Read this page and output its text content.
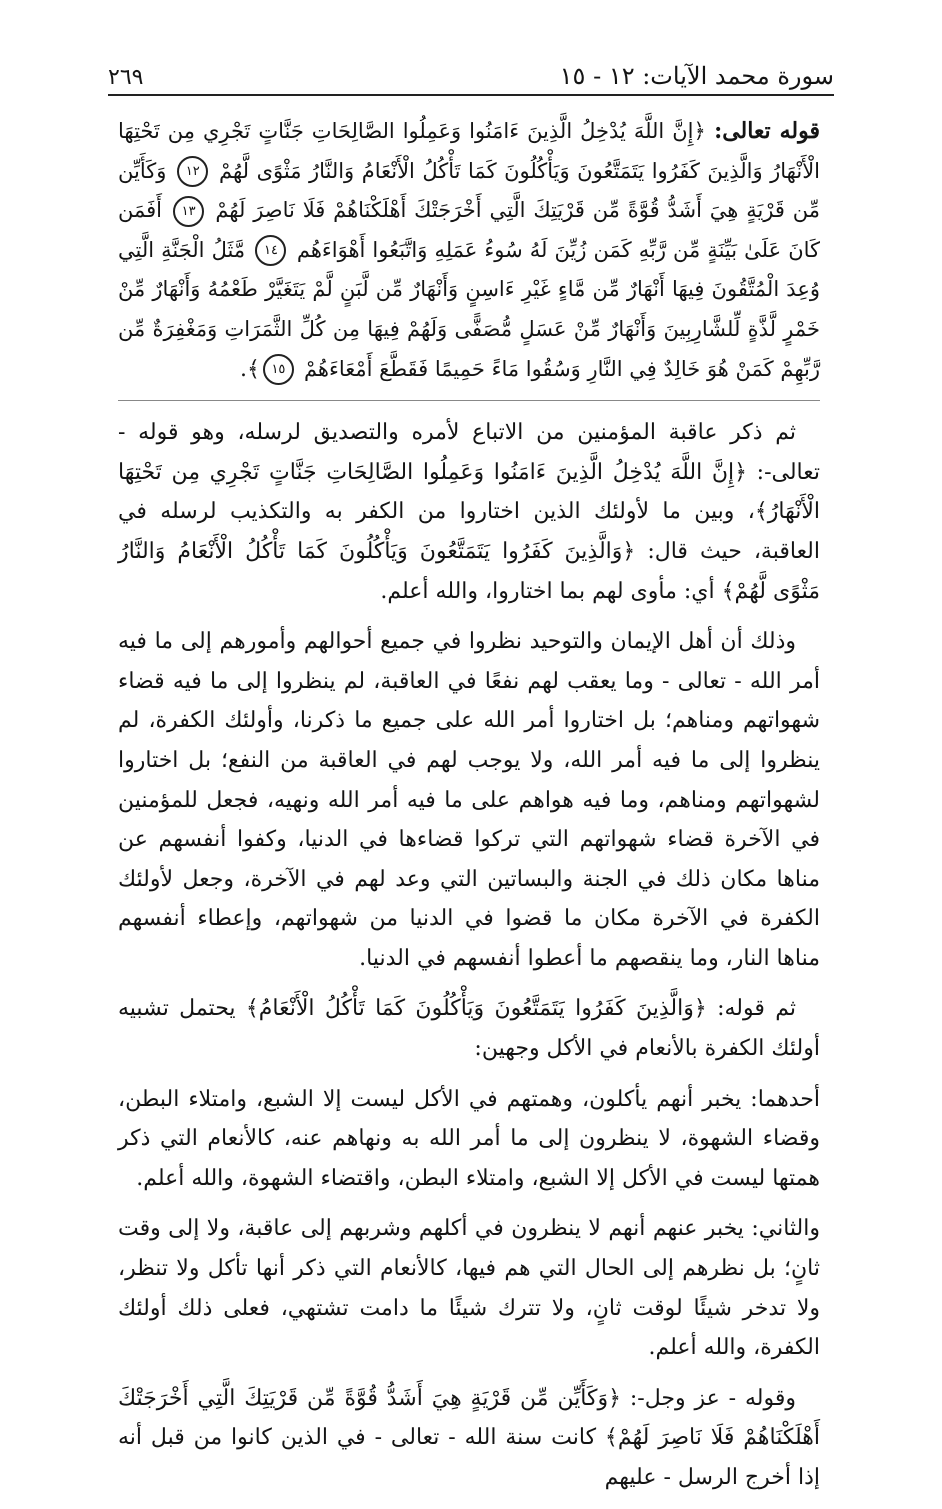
سورة محمد الآيات: ١٢ - ١٥
٢٦٩

قوله تعالى: ﴿إِنَّ اللَّهَ يُدْخِلُ الَّذِينَ ءَامَنُوا وَعَمِلُوا الصَّالِحَاتِ جَنَّاتٍ تَجْرِي مِن تَحْتِهَا الْأَنْهَارُ وَالَّذِينَ كَفَرُوا يَتَمَتَّعُونَ وَيَأْكُلُونَ كَمَا تَأْكُلُ الْأَنْعَامُ وَالنَّارُ مَثْوًى لَّهُمْ ١٢ وَكَأَيِّن مِّن قَرْيَةٍ هِيَ أَشَدُّ قُوَّةً مِّن قَرْيَتِكَ الَّتِي أَخْرَجَتْكَ أَهْلَكْنَاهُمْ فَلَا نَاصِرَ لَهُمْ ١٣ أَفَمَن كَانَ عَلَىٰ بَيِّنَةٍ مِّن رَّبِّهِ كَمَن زُيِّنَ لَهُ سُوءُ عَمَلِهِ وَاتَّبَعُوا أَهْوَاءَهُم ١٤ مَّثَلُ الْجَنَّةِ الَّتِي وُعِدَ الْمُتَّقُونَ فِيهَا أَنْهَارٌ مِّن مَّاءٍ غَيْرِ ءَاسِنٍ وَأَنْهَارٌ مِّن لَّبَنٍ لَّمْ يَتَغَيَّرْ طَعْمُهُ وَأَنْهَارٌ مِّنْ خَمْرٍ لَّذَّةٍ لِّلشَّارِبِينَ وَأَنْهَارٌ مِّنْ عَسَلٍ مُّصَفًّى وَلَهُمْ فِيهَا مِن كُلِّ الثَّمَرَاتِ وَمَغْفِرَةٌ مِّن رَّبِّهِمْ كَمَنْ هُوَ خَالِدٌ فِي النَّارِ وَسُقُوا مَاءً حَمِيمًا فَقَطَّعَ أَمْعَاءَهُمْ ١٥﴾.

ثم ذكر عاقبة المؤمنين من الاتباع لأمره والتصديق لرسله، وهو قوله - تعالى-: ﴿إِنَّ اللَّهَ يُدْخِلُ الَّذِينَ ءَامَنُوا وَعَمِلُوا الصَّالِحَاتِ جَنَّاتٍ تَجْرِي مِن تَحْتِهَا الْأَنْهَارُ﴾، وبين ما لأولئك الذين اختاروا من الكفر به والتكذيب لرسله في العاقبة، حيث قال: ﴿وَالَّذِينَ كَفَرُوا يَتَمَتَّعُونَ وَيَأْكُلُونَ كَمَا تَأْكُلُ الْأَنْعَامُ وَالنَّارُ مَثْوًى لَّهُمْ﴾ أي: مأوى لهم بما اختاروا، والله أعلم.

وذلك أن أهل الإيمان والتوحيد نظروا في جميع أحوالهم وأمورهم إلى ما فيه أمر الله - تعالى - وما يعقب لهم نفعًا في العاقبة، لم ينظروا إلى ما فيه قضاء شهواتهم ومناهم؛ بل اختاروا أمر الله على جميع ما ذكرنا، وأولئك الكفرة، لم ينظروا إلى ما فيه أمر الله، ولا يوجب لهم في العاقبة من النفع؛ بل اختاروا لشهواتهم ومناهم، وما فيه هواهم على ما فيه أمر الله ونهيه، فجعل للمؤمنين في الآخرة قضاء شهواتهم التي تركوا قضاءها في الدنيا، وكفوا أنفسهم عن مناها مكان ذلك في الجنة والبساتين التي وعد لهم في الآخرة، وجعل لأولئك الكفرة في الآخرة مكان ما قضوا في الدنيا من شهواتهم، وإعطاء أنفسهم مناها النار، وما ينقصهم ما أعطوا أنفسهم في الدنيا.

ثم قوله: ﴿وَالَّذِينَ كَفَرُوا يَتَمَتَّعُونَ وَيَأْكُلُونَ كَمَا تَأْكُلُ الْأَنْعَامُ﴾ يحتمل تشبيه أولئك الكفرة بالأنعام في الأكل وجهين:

أحدهما: يخبر أنهم يأكلون، وهمتهم في الأكل ليست إلا الشبع، وامتلاء البطن، وقضاء الشهوة، لا ينظرون إلى ما أمر الله به ونهاهم عنه، كالأنعام التي ذكر همتها ليست في الأكل إلا الشبع، وامتلاء البطن، واقتضاء الشهوة، والله أعلم.

والثاني: يخبر عنهم أنهم لا ينظرون في أكلهم وشربهم إلى عاقبة، ولا إلى وقت ثانٍ؛ بل نظرهم إلى الحال التي هم فيها، كالأنعام التي ذكر أنها تأكل ولا تنظر، ولا تدخر شيئًا لوقت ثانٍ، ولا تترك شيئًا ما دامت تشتهي، فعلى ذلك أولئك الكفرة، والله أعلم.

وقوله - عز وجل-: ﴿وَكَأَيِّن مِّن قَرْيَةٍ هِيَ أَشَدُّ قُوَّةً مِّن قَرْيَتِكَ الَّتِي أَخْرَجَتْكَ أَهْلَكْنَاهُمْ فَلَا نَاصِرَ لَهُمْ﴾ كانت سنة الله - تعالى - في الذين كانوا من قبل أنه إذا أخرج الرسل - عليهم
